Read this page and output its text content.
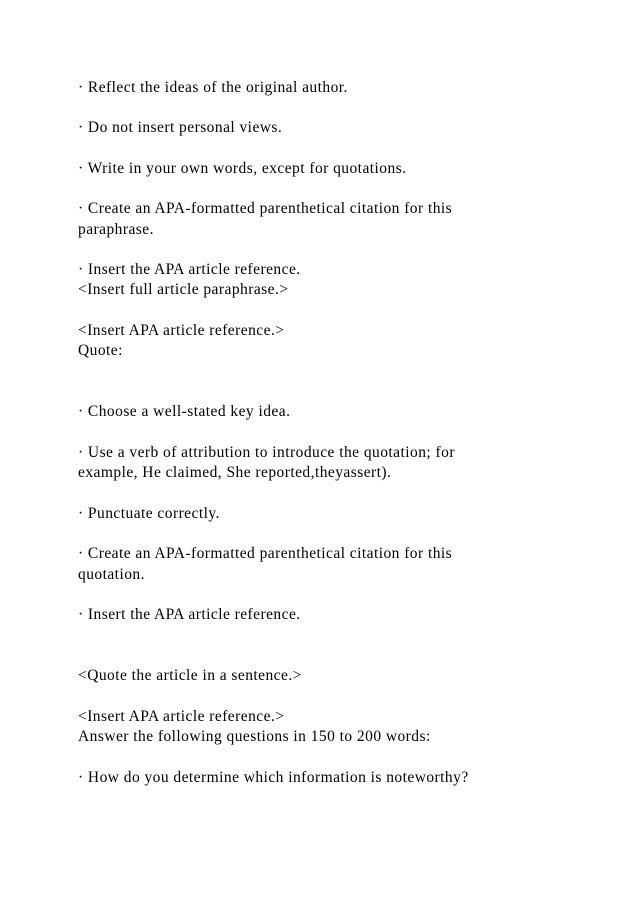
· Reflect the ideas of the original author.
· Do not insert personal views.
· Write in your own words, except for quotations.
· Create an APA-formatted parenthetical citation for this
paraphrase.
· Insert the APA article reference.
<Insert full article paraphrase.>
<Insert APA article reference.>
Quote:
· Choose a well-stated key idea.
· Use a verb of attribution to introduce the quotation; for
example, He claimed, She reported,theyassert).
· Punctuate correctly.
· Create an APA-formatted parenthetical citation for this
quotation.
· Insert the APA article reference.
<Quote the article in a sentence.>
<Insert APA article reference.>
Answer the following questions in 150 to 200 words:
· How do you determine which information is noteworthy?
